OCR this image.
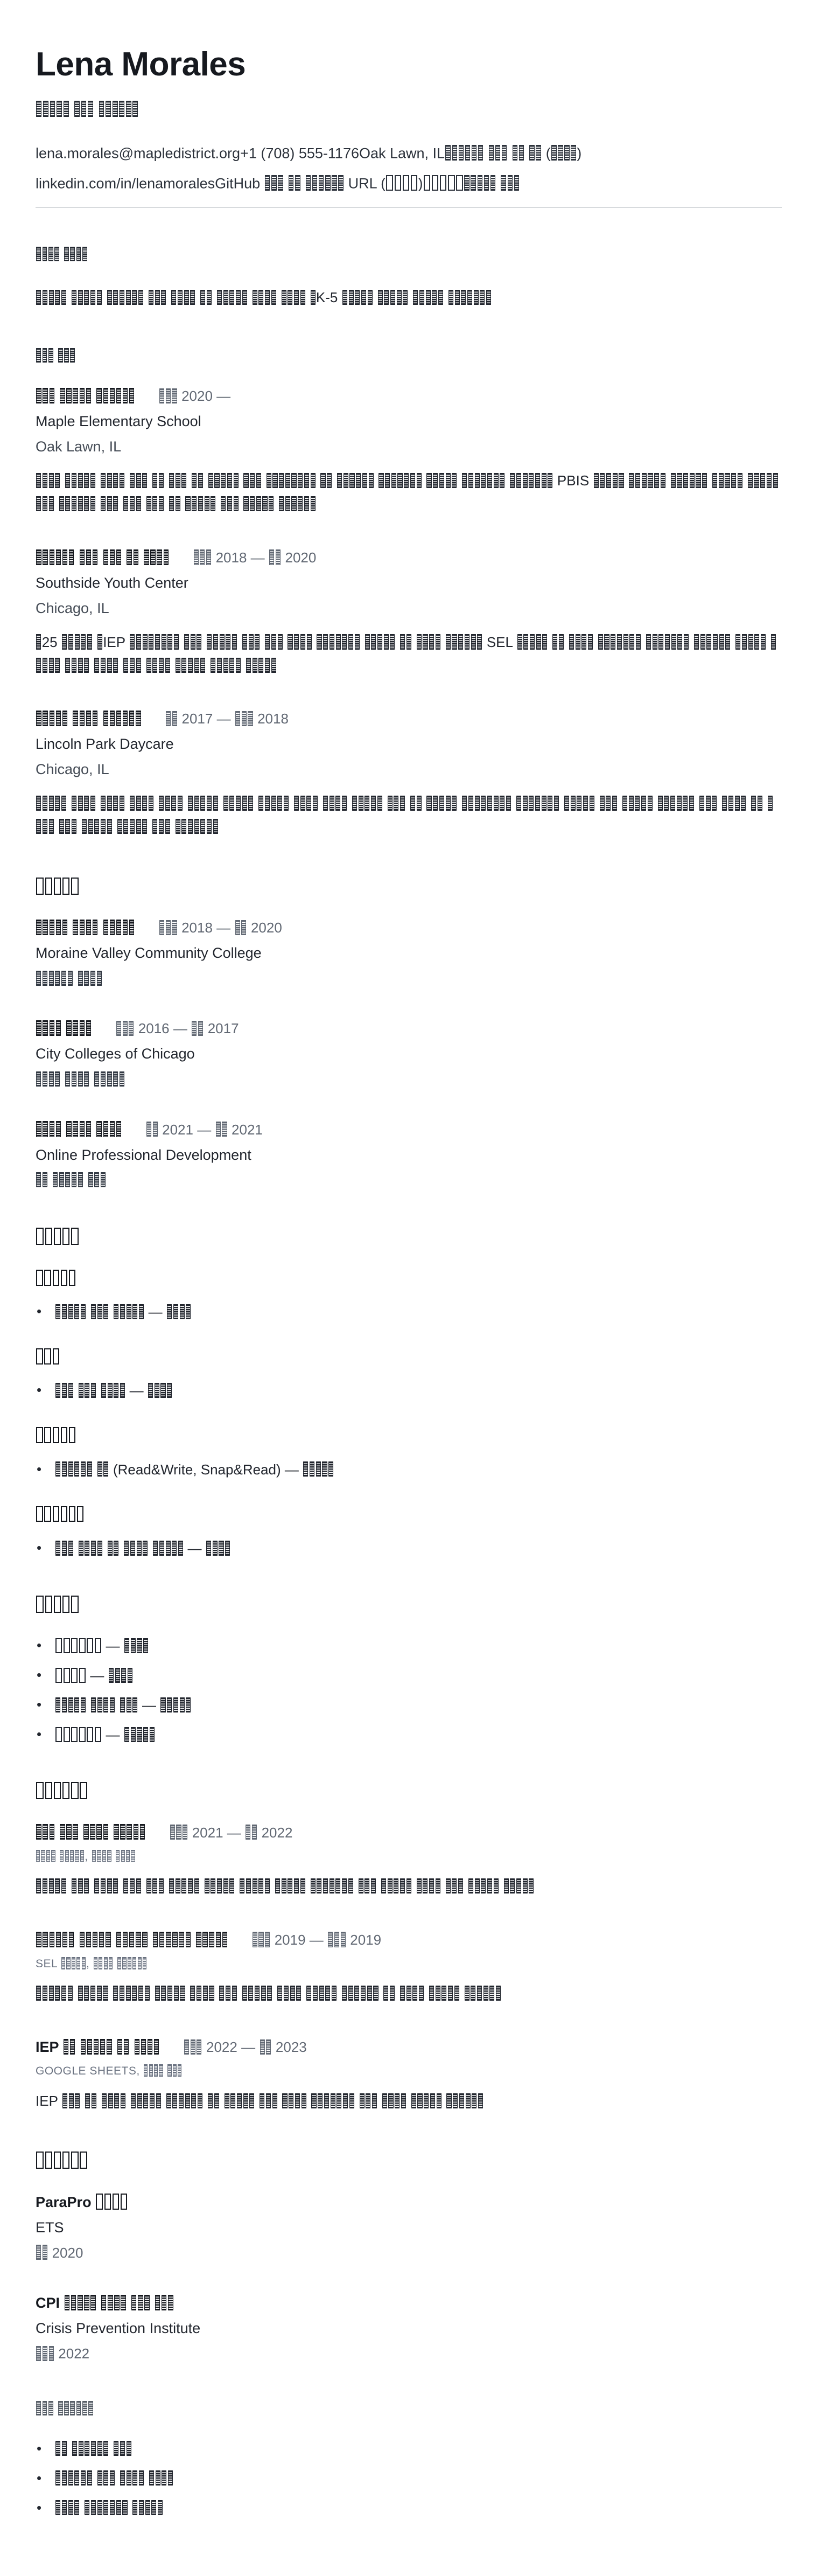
Lena Morales

lena.morales@mapledistrict.org+1 (708) 555-1176Oak Lawn, IL	( )
linkedin.com/in/lenamoralesGitHub	URL ( )

K-5

2020 —
Maple Elementary School
Oak Lawn, IL

PBIS

2018 —  2020
Southside Youth Center
Chicago, IL

25	IEP	SEL

2017 —  2018
Lincoln Park Daycare
Chicago, IL

2018 —  2020
Moraine Valley Community College

2016 —  2017
City Colleges of Chicago

2021 —  2021
Online Professional Development

• —
• —
• (Read&Write, Snap&Read) —
• —
• —
• —
• —
• —
2021 —  2022
,

2019 —  2019
SEL ,

IEP	2022 —  2023
GOOGLE SHEETS,

IEP

ParaPro
ETS

2020

CPI
Crisis Prevention Institute

2022

•
•
•
